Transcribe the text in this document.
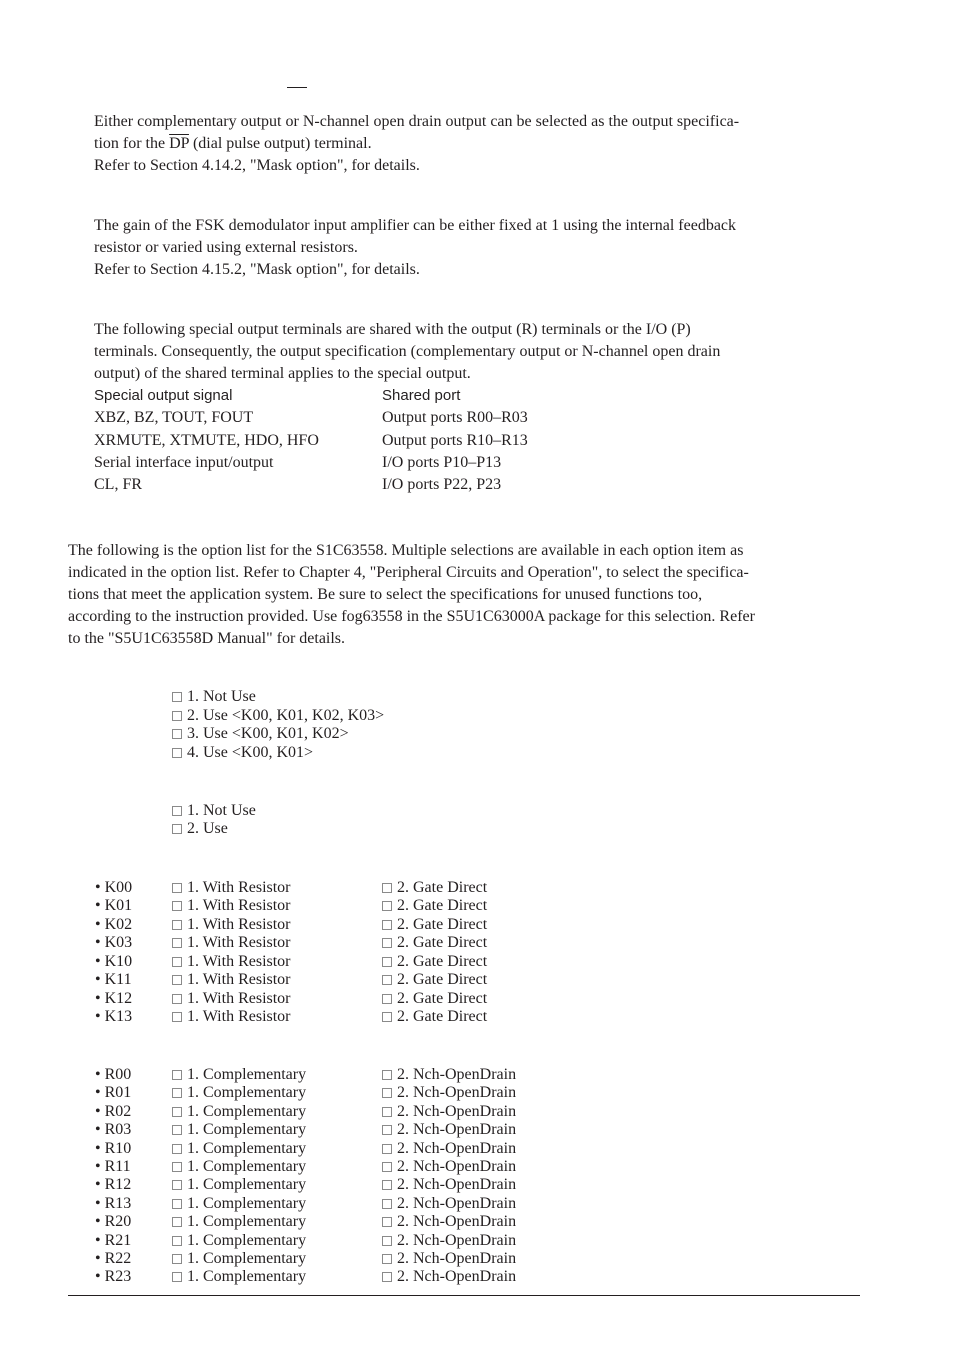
Either complementary output or N-channel open drain output can be selected as the output specifica-

tion for the $\overline{DP}$ (dial pulse output) terminal.

Refer to Section 4.14.2, "Mask option", for details.

The gain of the FSK demodulator input amplifier can be either fixed at 1 using the internal feedback

resistor or varied using external resistors.

Refer to Section 4.15.2, "Mask option", for details.

The following special output terminals are shared with the output (R) terminals or the I/O (P)

terminals. Consequently, the output specification (complementary output or N-channel open drain

output) of the shared terminal applies to the special output.

Special output signal	Shared port
XBZ, BZ, TOUT, FOUT	Output ports R00–R03
XRMUTE, XTMUTE, HDO, HFO	Output ports R10–R13
Serial interface input/output	I/O ports P10–P13
CL, FR	I/O ports P22, P23

The following is the option list for the S1C63558. Multiple selections are available in each option item as

indicated in the option list. Refer to Chapter 4, "Peripheral Circuits and Operation", to select the specifica-

tions that meet the application system. Be sure to select the specifications for unused functions too,

according to the instruction provided. Use fog63558 in the S5U1C63000A package for this selection. Refer

to the "S5U1C63558D Manual" for details.

1. Not Use
2. Use <K00, K01, K02, K03>
3. Use <K00, K01, K02>
4. Use <K00, K01>
1. Not Use
2. Use
• K00	1. With Resistor	2. Gate Direct
• K01	1. With Resistor	2. Gate Direct
• K02	1. With Resistor	2. Gate Direct
• K03	1. With Resistor	2. Gate Direct
• K10	1. With Resistor	2. Gate Direct
• K11	1. With Resistor	2. Gate Direct
• K12	1. With Resistor	2. Gate Direct
• K13	1. With Resistor	2. Gate Direct
• R00	1. Complementary	2. Nch-OpenDrain
• R01	1. Complementary	2. Nch-OpenDrain
• R02	1. Complementary	2. Nch-OpenDrain
• R03	1. Complementary	2. Nch-OpenDrain
• R10	1. Complementary	2. Nch-OpenDrain
• R11	1. Complementary	2. Nch-OpenDrain
• R12	1. Complementary	2. Nch-OpenDrain
• R13	1. Complementary	2. Nch-OpenDrain
• R20	1. Complementary	2. Nch-OpenDrain
• R21	1. Complementary	2. Nch-OpenDrain
• R22	1. Complementary	2. Nch-OpenDrain
• R23	1. Complementary	2. Nch-OpenDrain
